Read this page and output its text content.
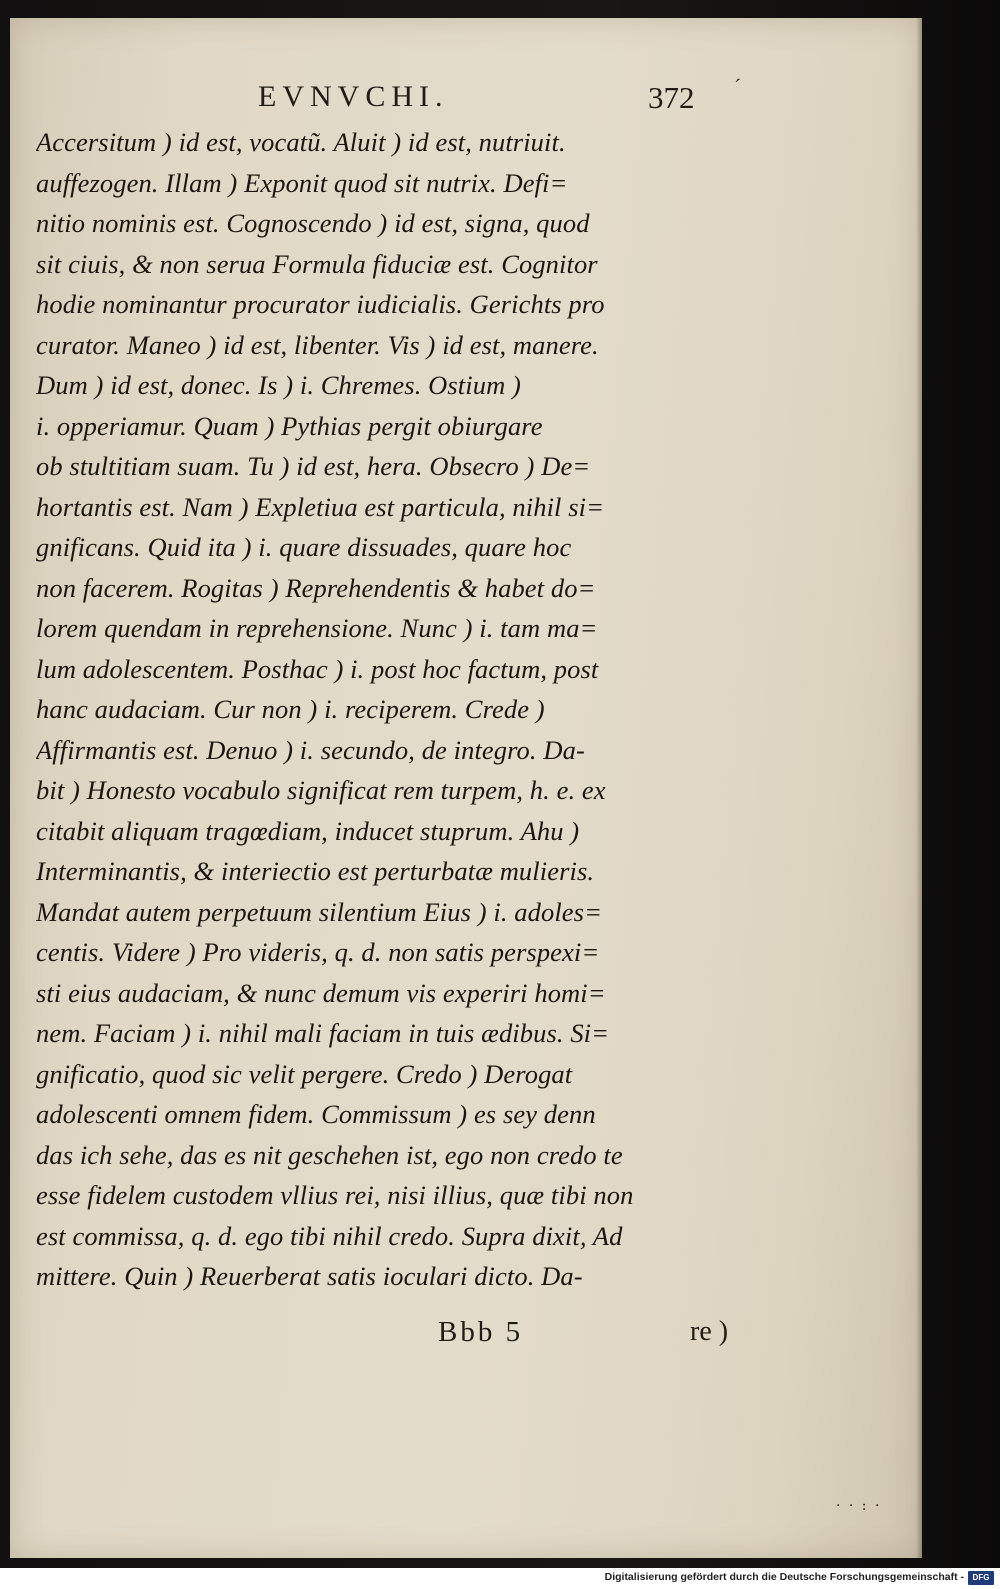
EVNVCHI.	372 ´
Accersitum ) id est, vocatũ. Aluit ) id est, nutriuit.
auffezogen. Illam ) Exponit quod sit nutrix. Defi=
nitio nominis est. Cognoscendo ) id est, signa, quod
sit ciuis, & non serua Formula fiduciæ est. Cognitor
hodie nominantur procurator iudicialis. Gerichts pro
curator. Maneo ) id est, libenter. Vis ) id est, manere.
Dum ) id est, donec. Is ) i. Chremes. Ostium )
i. opperiamur. Quam ) Pythias pergit obiurgare
ob stultitiam suam. Tu ) id est, hera. Obsecro ) De=
hortantis est. Nam ) Expletiua est particula, nihil si=
gnificans. Quid ita ) i. quare dissuades, quare hoc
non facerem. Rogitas ) Reprehendentis & habet do=
lorem quendam in reprehensione. Nunc ) i. tam ma=
lum adolescentem. Posthac ) i. post hoc factum, post
hanc audaciam. Cur non ) i. reciperem. Crede )
Affirmantis est. Denuo ) i. secundo, de integro. Da-
bit ) Honesto vocabulo significat rem turpem, h. e. ex
citabit aliquam tragœdiam, inducet stuprum. Ahu )
Interminantis, & interiectio est perturbatæ mulieris.
Mandat autem perpetuum silentium Eius ) i. adoles=
centis. Videre ) Pro videris, q. d. non satis perspexi=
sti eius audaciam, & nunc demum vis experiri homi=
nem. Faciam ) i. nihil mali faciam in tuis ædibus. Si=
gnificatio, quod sic velit pergere. Credo ) Derogat
adolescenti omnem fidem. Commissum ) es sey denn
das ich sehe, das es nit geschehen ist, ego non credo te
esse fidelem custodem vllius rei, nisi illius, quæ tibi non
est commissa, q. d. ego tibi nihil credo. Supra dixit, Ad
mittere. Quin ) Reuerberat satis ioculari dicto. Da-
Bbb 5	re )
· · : ·
Digitalisierung gefördert durch die Deutsche Forschungsgemeinschaft -	DFG
